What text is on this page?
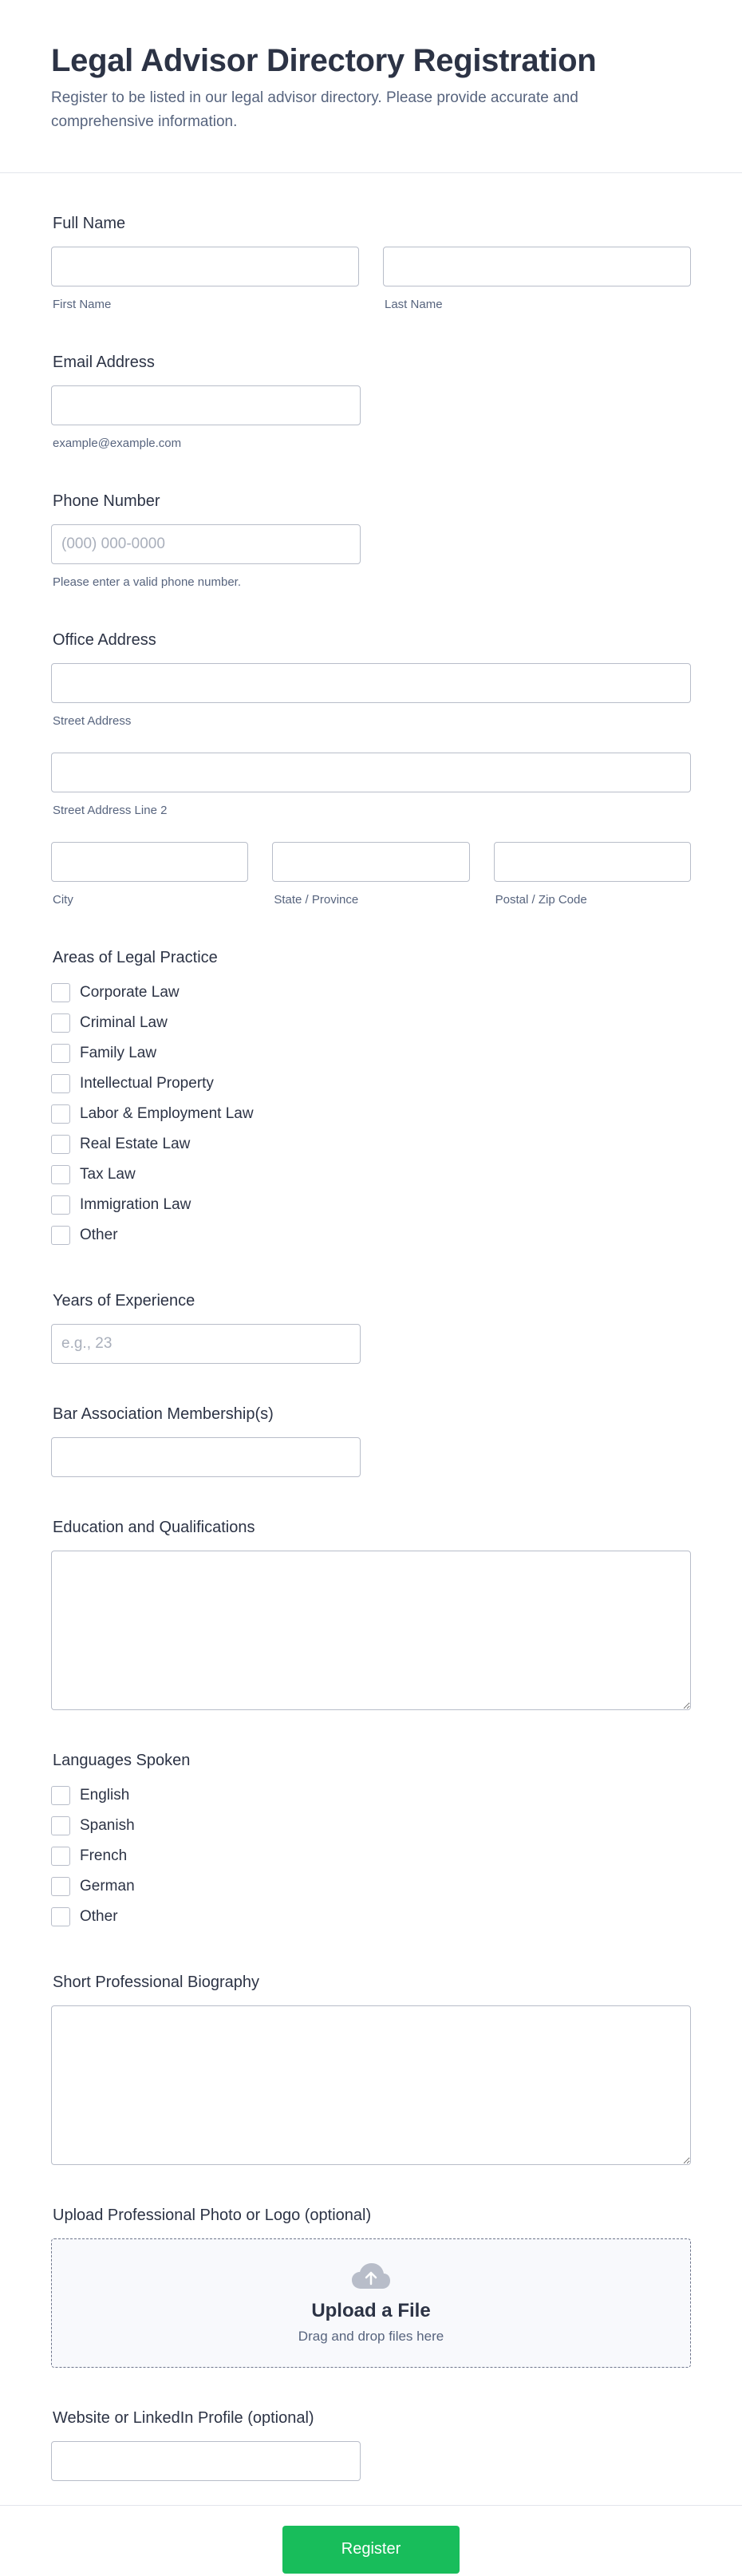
Legal Advisor Directory Registration

Register to be listed in our legal advisor directory. Please provide accurate and comprehensive information.

Full Name
First Name	Last Name
Email Address
example@example.com
Phone Number
(000) 000-0000
Please enter a valid phone number.
Office Address
Street Address
Street Address Line 2
City	State / Province	Postal / Zip Code
Areas of Legal Practice
Corporate Law
Criminal Law
Family Law
Intellectual Property
Labor & Employment Law
Real Estate Law
Tax Law
Immigration Law
Other
Years of Experience
e.g., 23
Bar Association Membership(s)
Education and Qualifications
Languages Spoken
English
Spanish
French
German
Other
Short Professional Biography
Upload Professional Photo or Logo (optional)
Upload a File
Drag and drop files here
Website or LinkedIn Profile (optional)
Register
